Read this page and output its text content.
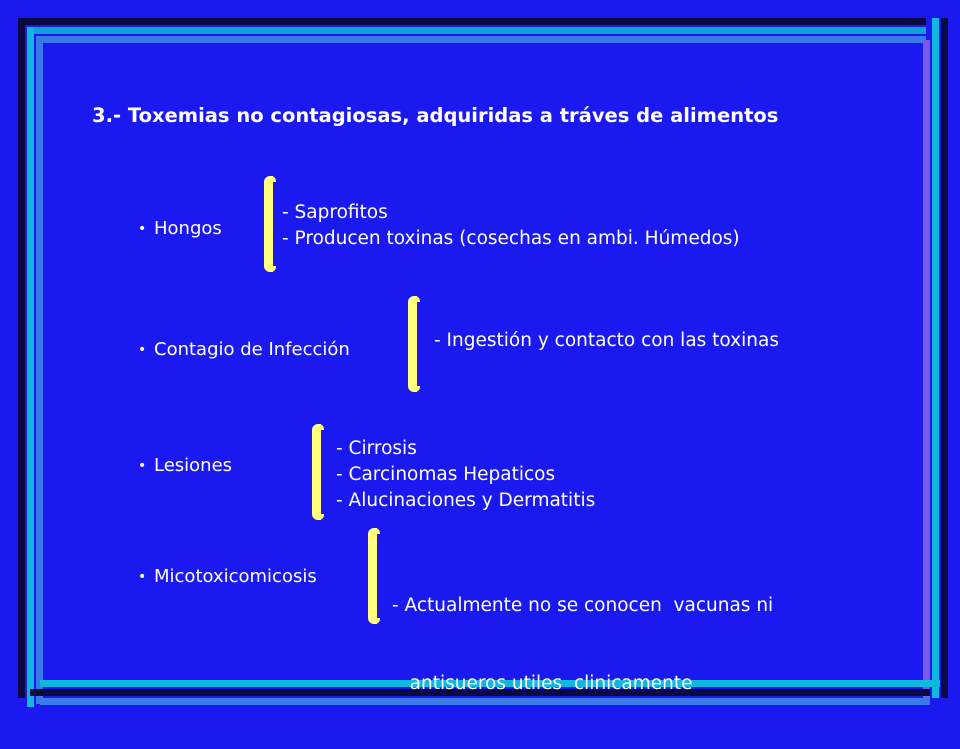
3.- Toxemias no contagiosas, adquiridas a tráves de alimentos
• Hongos
- Saprofitos
- Producen toxinas (cosechas en ambi. Húmedos)
• Contagio de Infección	- Ingestión y contacto con las toxinas
• Lesiones
- Cirrosis
- Carcinomas Hepaticos
- Alucinaciones y Dermatitis
• Micotoxicomicosis

- Actualmente no se conocen  vacunas ni

antisueros utiles  clinicamente
